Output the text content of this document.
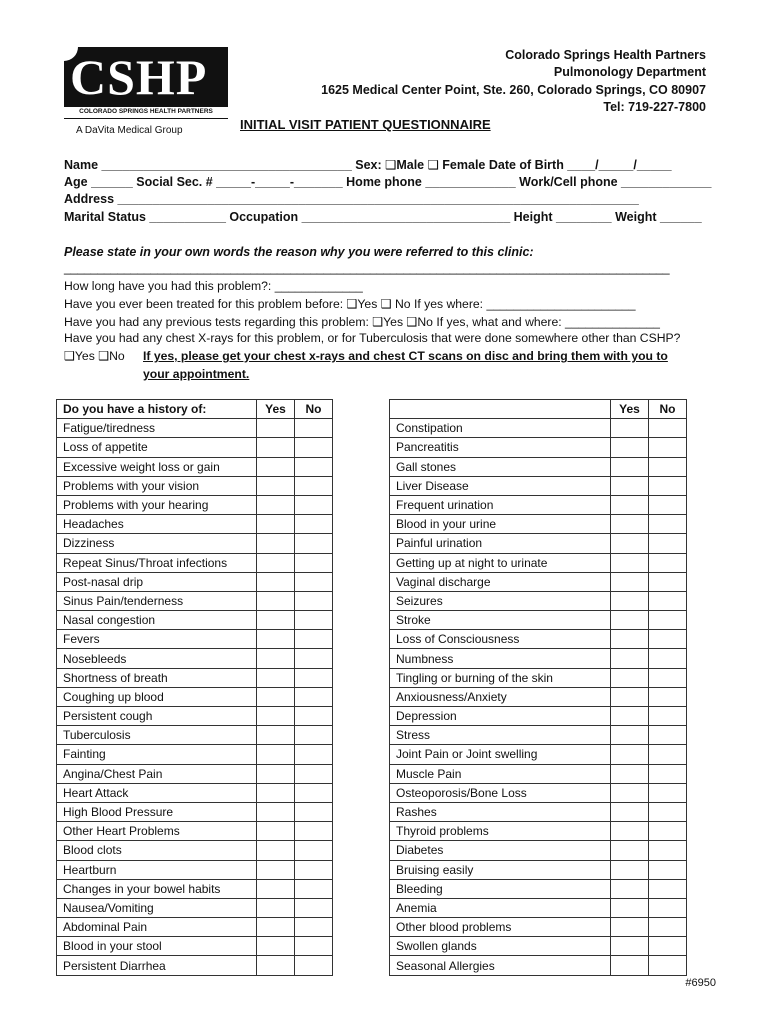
CSHP
COLORADO SPRINGS HEALTH PARTNERS
A DaVita Medical Group
Colorado Springs Health Partners
Pulmonology Department
1625 Medical Center Point, Ste. 260, Colorado Springs, CO 80907
Tel: 719-227-7800
INITIAL VISIT PATIENT QUESTIONNAIRE
Name ____________________________________ Sex: ❑Male ❑ Female Date of Birth ____/_____/_____
Age ______ Social Sec. # _____-_____-_______ Home phone _____________ Work/Cell phone _____________
Address ___________________________________________________________________________
Marital Status ___________ Occupation ______________________________ Height ________ Weight ______
Please state in your own words the reason why you were referred to this clinic:
___________________________________________________________________________________________
How long have you had this problem?: _____________
Have you ever been treated for this problem before: ❑Yes ❑ No If yes where: ______________________
Have you had any previous tests regarding this problem: ❑Yes ❑No If yes, what and where: ______________
Have you had any chest X-rays for this problem, or for Tuberculosis that were done somewhere other than CSHP?
❑Yes ❑No If yes, please get your chest x-rays and chest CT scans on disc and bring them with you to
your appointment.
Do you have a history of:	Yes	No			Yes	No
Fatigue/tiredness				Constipation		
Loss of appetite				Pancreatitis		
Excessive weight loss or gain				Gall stones		
Problems with your vision				Liver Disease		
Problems with your hearing				Frequent urination		
Headaches				Blood in your urine		
Dizziness				Painful urination		
Repeat Sinus/Throat infections				Getting up at night to urinate		
Post-nasal drip				Vaginal discharge		
Sinus Pain/tenderness				Seizures		
Nasal congestion				Stroke		
Fevers				Loss of Consciousness		
Nosebleeds				Numbness		
Shortness of breath				Tingling or burning of the skin		
Coughing up blood				Anxiousness/Anxiety		
Persistent cough				Depression		
Tuberculosis				Stress		
Fainting				Joint Pain or Joint swelling		
Angina/Chest Pain				Muscle Pain		
Heart Attack				Osteoporosis/Bone Loss		
High Blood Pressure				Rashes		
Other Heart Problems				Thyroid problems		
Blood clots				Diabetes		
Heartburn				Bruising easily		
Changes in your bowel habits				Bleeding		
Nausea/Vomiting				Anemia		
Abdominal Pain				Other blood problems		
Blood in your stool				Swollen glands		
Persistent Diarrhea				Seasonal Allergies		
#6950
